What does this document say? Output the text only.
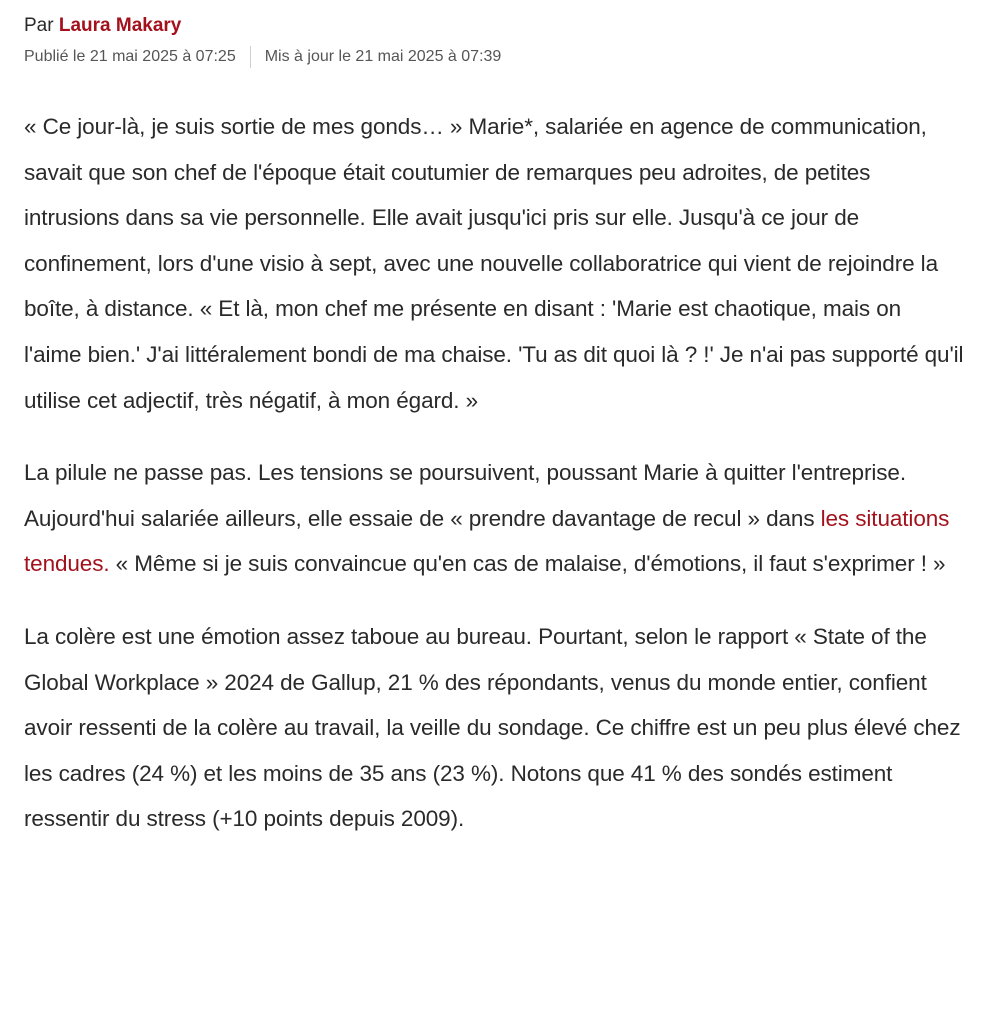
Par Laura Makary

Publié le 21 mai 2025 à 07:25 Mis à jour le 21 mai 2025 à 07:39

« Ce jour-là, je suis sortie de mes gonds… » Marie*, salariée en agence de communication, savait que son chef de l'époque était coutumier de remarques peu adroites, de petites intrusions dans sa vie personnelle. Elle avait jusqu'ici pris sur elle. Jusqu'à ce jour de confinement, lors d'une visio à sept, avec une nouvelle collaboratrice qui vient de rejoindre la boîte, à distance. « Et là, mon chef me présente en disant : 'Marie est chaotique, mais on l'aime bien.' J'ai littéralement bondi de ma chaise. 'Tu as dit quoi là ? !' Je n'ai pas supporté qu'il utilise cet adjectif, très négatif, à mon égard. »

La pilule ne passe pas. Les tensions se poursuivent, poussant Marie à quitter l'entreprise. Aujourd'hui salariée ailleurs, elle essaie de « prendre davantage de recul » dans les situations tendues. « Même si je suis convaincue qu'en cas de malaise, d'émotions, il faut s'exprimer ! »

La colère est une émotion assez taboue au bureau. Pourtant, selon le rapport « State of the Global Workplace » 2024 de Gallup, 21 % des répondants, venus du monde entier, confient avoir ressenti de la colère au travail, la veille du sondage. Ce chiffre est un peu plus élevé chez les cadres (24 %) et les moins de 35 ans (23 %). Notons que 41 % des sondés estiment ressentir du stress (+10 points depuis 2009).
